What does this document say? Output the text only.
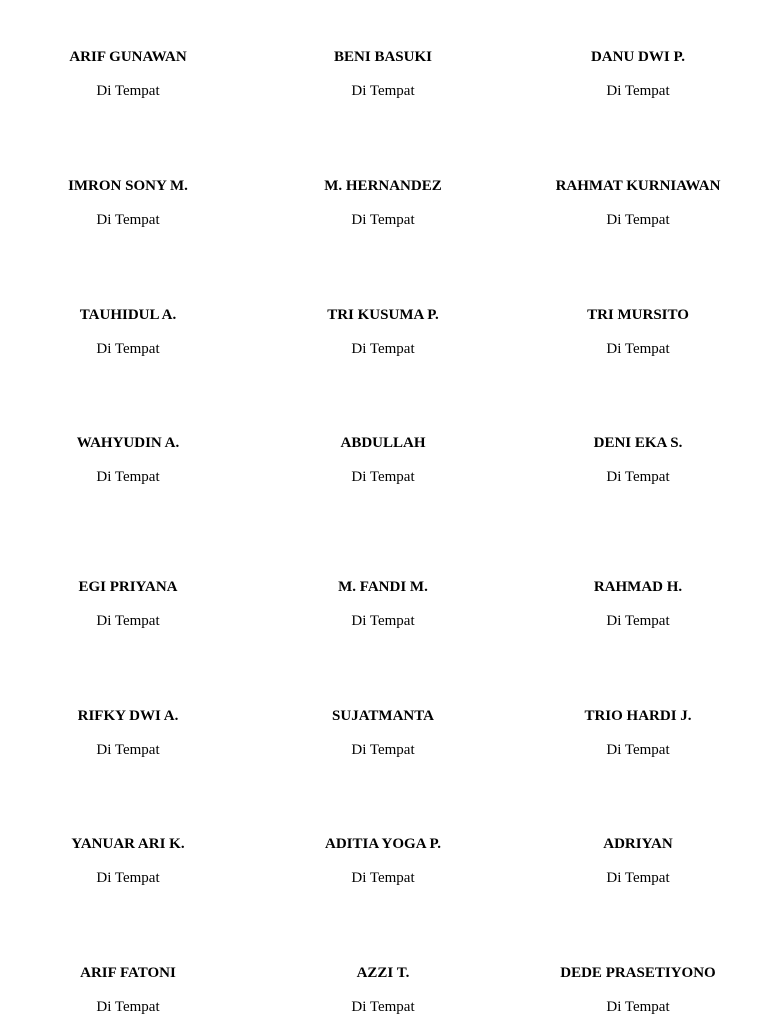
ARIF GUNAWAN
Di Tempat
BENI BASUKI
Di Tempat
DANU DWI P.
Di Tempat
IMRON SONY M.
Di Tempat
M. HERNANDEZ
Di Tempat
RAHMAT KURNIAWAN
Di Tempat
TAUHIDUL A.
Di Tempat
TRI KUSUMA P.
Di Tempat
TRI MURSITO
Di Tempat
WAHYUDIN A.
Di Tempat
ABDULLAH
Di Tempat
DENI EKA S.
Di Tempat
EGI PRIYANA
Di Tempat
M. FANDI M.
Di Tempat
RAHMAD H.
Di Tempat
RIFKY DWI A.
Di Tempat
SUJATMANTA
Di Tempat
TRIO HARDI J.
Di Tempat
YANUAR ARI K.
Di Tempat
ADITIA YOGA P.
Di Tempat
ADRIYAN
Di Tempat
ARIF FATONI
Di Tempat
AZZI T.
Di Tempat
DEDE PRASETIYONO
Di Tempat
